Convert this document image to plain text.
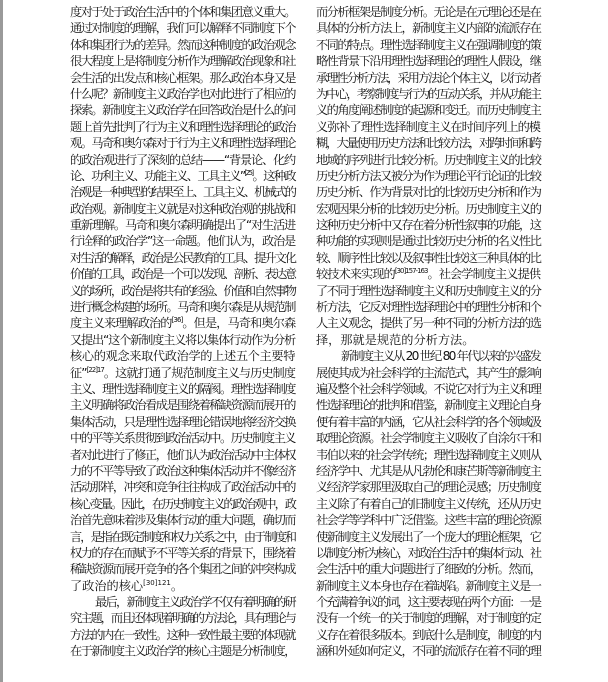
度对于处于政治生活中的个体和集团意义重大。
通过对制度的理解，我们可以解释不同制度下个
体和集团行为的差异。然而这种制度的政治观念
很大程度上是将制度分析作为理解政治现象和社
会生活的出发点和核心框架。那么政治本身又是
什么呢？新制度主义政治学也对此进行了相应的
探索。新制度主义政治学在回答政治是什么的问
题上首先批判了行为主义和理性选择理论的政治
观。马奇和奥尔森对于行为主义和理性选择理论
的政治观进行了深刻的总结——“背景论、化约
论、功利主义、功能主义、工具主义”[25]。这种政
治观是一种典型的结果至上、工具主义、机械式的
政治观。新制度主义就是对这种政治观的挑战和
重新理解。马奇和奥尔森明确提出了“对生活进
行诠释的政治学”这一命题。他们认为，政治是
对生活的解释，政治是公民教育的工具、提升文化
价值的工具，政治是一个可以发现、剖析、表达意
义的场所，政治是将共有的经验、价值和自然事物
进行概念构建的场所。马奇和奥尔森是从规范制
度主义来理解政治的[36]。但是，马奇和奥尔森
又提出“这个新制度主义将以集体行动作为分析
核心的观念来取代政治学的上述五个主要特
征”$^{[22]17}$。这就打通了规范制度主义与历史制度
主义、理性选择制度主义的隔阂。理性选择制度
主义明确将政治看成是围绕着稀缺资源而展开的
集体活动，只是理性选择理论错误地将经济交换
中的平等关系贯彻到政治活动中。历史制度主义
者对此进行了修正，他们认为政治活动中主体权
力的不平等导致了政治这种集体活动并不像经济
活动那样，冲突和竞争往往构成了政治活动中的
核心变量。因此，在历史制度主义的政治观中，政
治首先意味着涉及集体行动的重大问题，确切而
言，是指在既定制度和权力关系之中，由于制度和
权力的存在而赋予不平等关系的背景下，围绕着
稀缺资源而展开竞争的各个集团之间的冲突构成
了政治的核心$^{[30]121}$。
最后，新制度主义政治学不仅有着明确的研
究主题，而且还体现着明确的方法论，具有理论与
方法的内在一致性。这种一致性最主要的体现就
在于新制度主义政治学的核心主题是分析制度，
而分析框架是制度分析。无论是在元理论还是在
具体的分析方法上，新制度主义内部的流派存在
不同的特点。理性选择制度主义在强调制度的策
略性背景下沿用理性选择理论的理性人假设，继
承理性分析方法，采用方法论个体主义，以行动者
为中心，考察制度与行为的互动关系，并从功能主
义的角度阐述制度的起源和变迁。而历史制度主
义弥补了理性选择制度主义在时间序列上的模
糊，大量使用历史方法和比较方法，对跨时间和跨
地域的序列进行比较分析。历史制度主义的比较
历史分析方法又被分为作为理论平行论证的比较
历史分析、作为背景对比的比较历史分析和作为
宏观因果分析的比较历史分析。历史制度主义的
这种历史分析中又存在着分析性叙事的功能，这
种功能的实现则是通过比较历史分析的名义性比
较、顺序性比较以及叙事性比较这三种具体的比
较技术来实现的$^{[30]157-163}$。社会学制度主义提供
了不同于理性选择制度主义和历史制度主义的分
析方法，它反对理性选择理论中的理性分析和个
人主义观念，提供了另一种不同的分析方法的选
择，那就是规范的分析方法。
新制度主义从 20 世纪 80 年代以来的兴盛发
展使其成为社会科学的主流范式，其产生的影响
遍及整个社会科学领域。不说它对行为主义和理
性选择理论的批判和借鉴，新制度主义理论自身
便有着丰富的内涵，它从社会科学的各个领域汲
取理论资源。社会学制度主义吸收了自涂尔干和
韦伯以来的社会学传统；理性选择制度主义则从
经济学中、尤其是从凡勃伦和康芒斯等新制度主
义经济学家那里汲取自己的理论灵感；历史制度
主义除了有着自己的旧制度主义传统，还从历史
社会学等学科中广泛借鉴。这些丰富的理论资源
使新制度主义发展出了一个庞大的理论框架，它
以制度分析为核心，对政治生活中的集体行动、社
会生活中的重大问题进行了细致的分析。然而，
新制度主义本身也存在着缺陷。新制度主义是一
个充满着争议的词，这主要表现在两个方面：一是
没有一个统一的关于制度的理解，对于制度的定
义存在着很多版本。到底什么是制度，制度的内
涵和外延如何定义，不同的流派存在着不同的理
